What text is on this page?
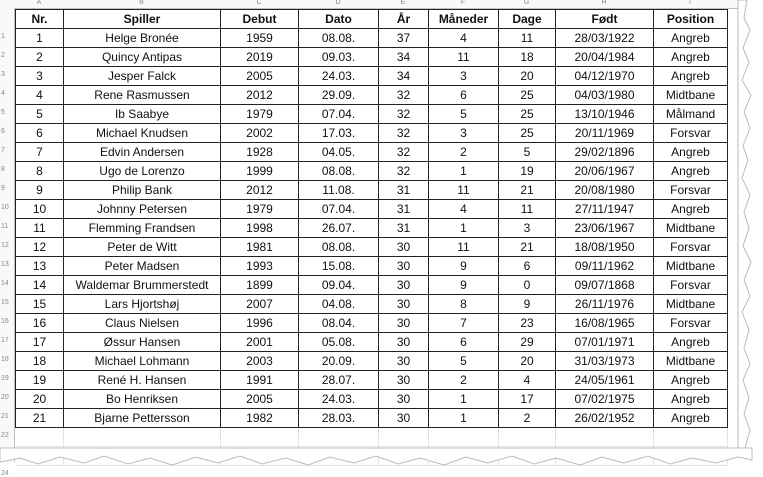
A	B	C	D	E	F	G	H	I
1
2
3
4
5
6
7
8
9
10
11
12
13
14
15
16
17
18
19
20
21
22
24
Nr.	Spiller	Debut	Dato	År	Måneder	Dage	Født	Position
1	Helge Bronée	1959	08.08.	37	4	11	28/03/1922	Angreb
2	Quincy Antipas	2019	09.03.	34	11	18	20/04/1984	Angreb
3	Jesper Falck	2005	24.03.	34	3	20	04/12/1970	Angreb
4	Rene Rasmussen	2012	29.09.	32	6	25	04/03/1980	Midtbane
5	Ib Saabye	1979	07.04.	32	5	25	13/10/1946	Målmand
6	Michael Knudsen	2002	17.03.	32	3	25	20/11/1969	Forsvar
7	Edvin Andersen	1928	04.05.	32	2	5	29/02/1896	Angreb
8	Ugo de Lorenzo	1999	08.08.	32	1	19	20/06/1967	Angreb
9	Philip Bank	2012	11.08.	31	11	21	20/08/1980	Forsvar
10	Johnny Petersen	1979	07.04.	31	4	11	27/11/1947	Angreb
11	Flemming Frandsen	1998	26.07.	31	1	3	23/06/1967	Midtbane
12	Peter de Witt	1981	08.08.	30	11	21	18/08/1950	Forsvar
13	Peter Madsen	1993	15.08.	30	9	6	09/11/1962	Midtbane
14	Waldemar Brummerstedt	1899	09.04.	30	9	0	09/07/1868	Forsvar
15	Lars Hjortshøj	2007	04.08.	30	8	9	26/11/1976	Midtbane
16	Claus Nielsen	1996	08.04.	30	7	23	16/08/1965	Forsvar
17	Øssur Hansen	2001	05.08.	30	6	29	07/01/1971	Angreb
18	Michael Lohmann	2003	20.09.	30	5	20	31/03/1973	Midtbane
19	René H. Hansen	1991	28.07.	30	2	4	24/05/1961	Angreb
20	Bo Henriksen	2005	24.03.	30	1	17	07/02/1975	Angreb
21	Bjarne Pettersson	1982	28.03.	30	1	2	26/02/1952	Angreb
